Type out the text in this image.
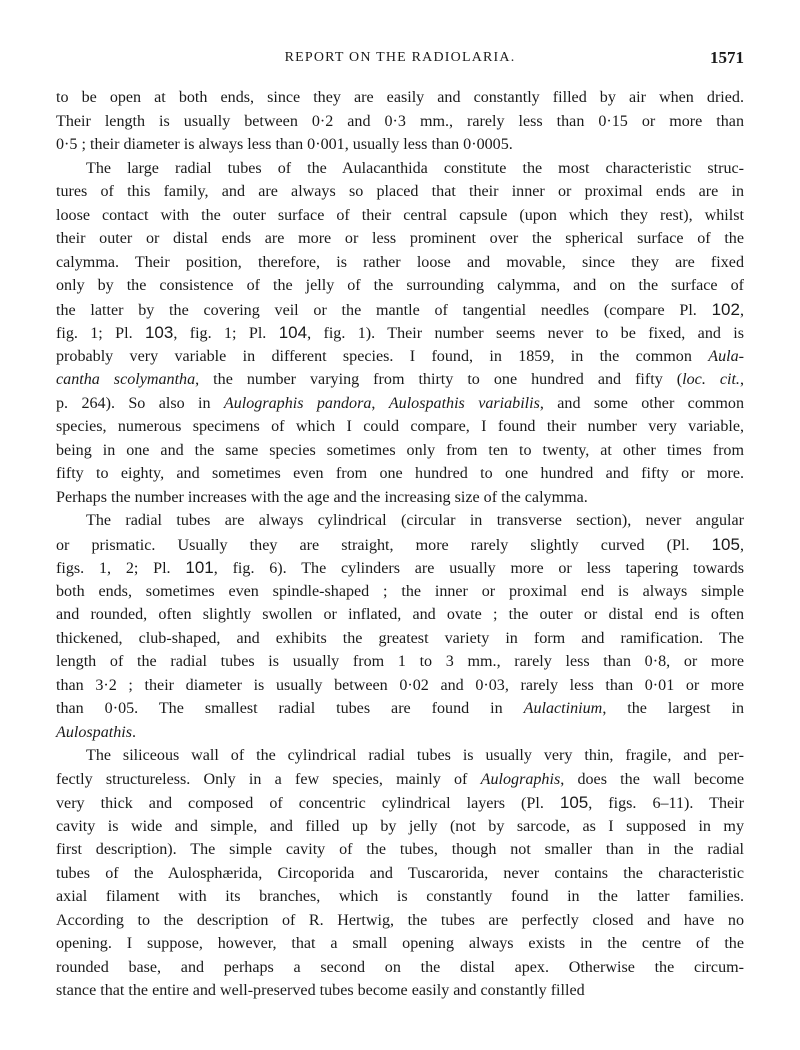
REPORT ON THE RADIOLARIA.	1571
to be open at both ends, since they are easily and constantly filled by air when dried.
Their length is usually between 0·2 and 0·3 mm., rarely less than 0·15 or more than
0·5 ; their diameter is always less than 0·001, usually less than 0·0005.
The large radial tubes of the Aulacanthida constitute the most characteristic struc-
tures of this family, and are always so placed that their inner or proximal ends are in
loose contact with the outer surface of their central capsule (upon which they rest), whilst
their outer or distal ends are more or less prominent over the spherical surface of the
calymma. Their position, therefore, is rather loose and movable, since they are fixed
only by the consistence of the jelly of the surrounding calymma, and on the surface of
the latter by the covering veil or the mantle of tangential needles (compare Pl. 102,
fig. 1; Pl. 103, fig. 1; Pl. 104, fig. 1). Their number seems never to be fixed, and is
probably very variable in different species. I found, in 1859, in the common Aula-
cantha scolymantha, the number varying from thirty to one hundred and fifty (loc. cit.,
p. 264). So also in Aulographis pandora, Aulospathis variabilis, and some other common
species, numerous specimens of which I could compare, I found their number very variable,
being in one and the same species sometimes only from ten to twenty, at other times from
fifty to eighty, and sometimes even from one hundred to one hundred and fifty or more.
Perhaps the number increases with the age and the increasing size of the calymma.
The radial tubes are always cylindrical (circular in transverse section), never angular
or prismatic. Usually they are straight, more rarely slightly curved (Pl. 105,
figs. 1, 2; Pl. 101, fig. 6). The cylinders are usually more or less tapering towards
both ends, sometimes even spindle-shaped ; the inner or proximal end is always simple
and rounded, often slightly swollen or inflated, and ovate ; the outer or distal end is often
thickened, club-shaped, and exhibits the greatest variety in form and ramification. The
length of the radial tubes is usually from 1 to 3 mm., rarely less than 0·8, or more
than 3·2 ; their diameter is usually between 0·02 and 0·03, rarely less than 0·01 or more
than 0·05. The smallest radial tubes are found in Aulactinium, the largest in
Aulospathis.
The siliceous wall of the cylindrical radial tubes is usually very thin, fragile, and per-
fectly structureless. Only in a few species, mainly of Aulographis, does the wall become
very thick and composed of concentric cylindrical layers (Pl. 105, figs. 6–11). Their
cavity is wide and simple, and filled up by jelly (not by sarcode, as I supposed in my
first description). The simple cavity of the tubes, though not smaller than in the radial
tubes of the Aulosphærida, Circoporida and Tuscarorida, never contains the characteristic
axial filament with its branches, which is constantly found in the latter families.
According to the description of R. Hertwig, the tubes are perfectly closed and have no
opening. I suppose, however, that a small opening always exists in the centre of the
rounded base, and perhaps a second on the distal apex. Otherwise the circum-
stance that the entire and well-preserved tubes become easily and constantly filled
